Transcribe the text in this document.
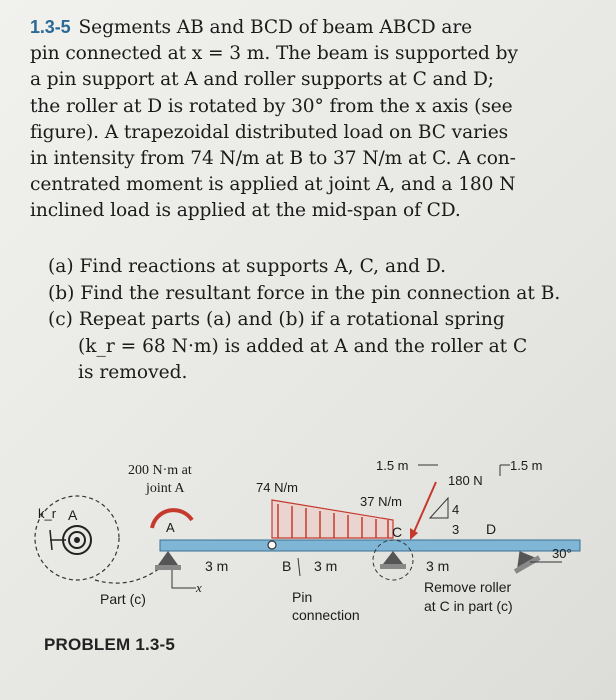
1.3-5 Segments AB and BCD of beam ABCD are
pin connected at x = 3 m. The beam is supported by
a pin support at A and roller supports at C and D;
the roller at D is rotated by 30° from the x axis (see
figure). A trapezoidal distributed load on BC varies
in intensity from 74 N/m at B to 37 N/m at C. A con-
centrated moment is applied at joint A, and a 180 N
inclined load is applied at the mid-span of CD.
(a) Find reactions at supports A, C, and D.
(b) Find the resultant force in the pin connection at B.
(c) Repeat parts (a) and (b) if a rotational spring
(k_r = 68 N·m) is added at A and the roller at C
is removed.
k_r A
Part (c)
200 N·m at
joint A
A
x
3 m
74 N/m
37 N/m
B 3 m
Pin
connection
C
1.5 m	1.5 m
180 N
4
3 D
30°
3 m
Remove roller
at C in part (c)
PROBLEM 1.3-5
